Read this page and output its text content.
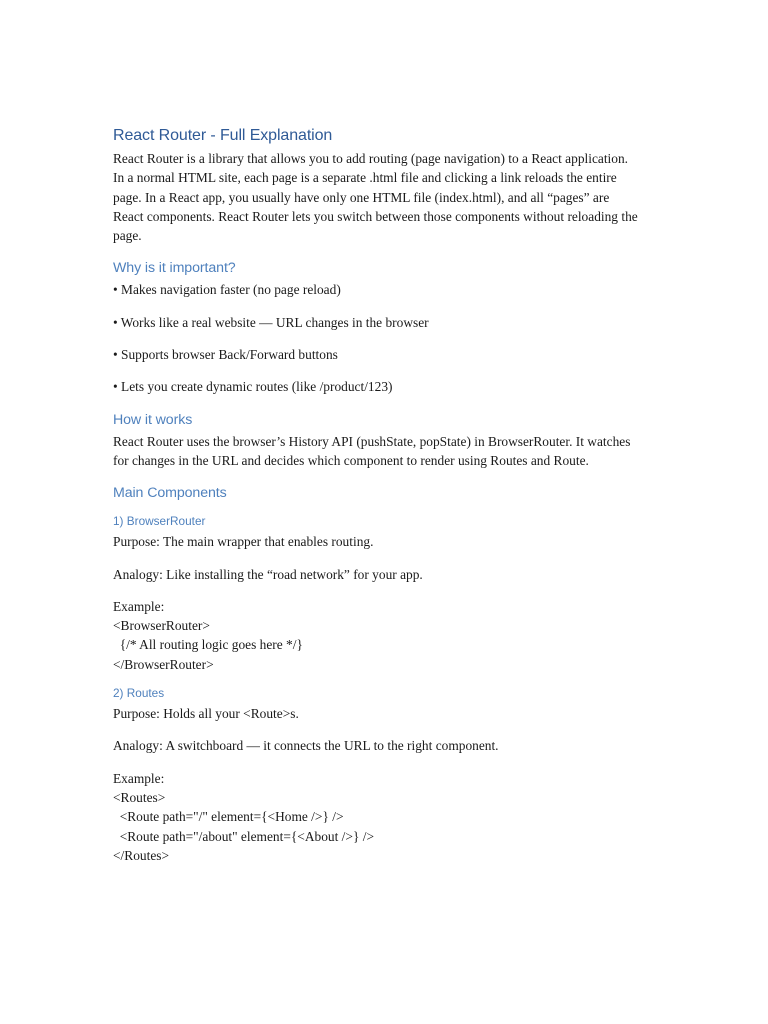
React Router - Full Explanation

React Router is a library that allows you to add routing (page navigation) to a React application. In a normal HTML site, each page is a separate .html file and clicking a link reloads the entire page. In a React app, you usually have only one HTML file (index.html), and all “pages” are React components. React Router lets you switch between those components without reloading the page.

Why is it important?

• Makes navigation faster (no page reload)

• Works like a real website — URL changes in the browser

• Supports browser Back/Forward buttons

• Lets you create dynamic routes (like /product/123)

How it works

React Router uses the browser’s History API (pushState, popState) in BrowserRouter. It watches for changes in the URL and decides which component to render using Routes and Route.

Main Components
1) BrowserRouter

Purpose: The main wrapper that enables routing.

Analogy: Like installing the “road network” for your app.

Example:

<BrowserRouter>

{/* All routing logic goes here */}

</BrowserRouter>

2) Routes

Purpose: Holds all your <Route>s.

Analogy: A switchboard — it connects the URL to the right component.

Example:

<Routes>

<Route path="/" element={<Home />} />

<Route path="/about" element={<About />} />

</Routes>
